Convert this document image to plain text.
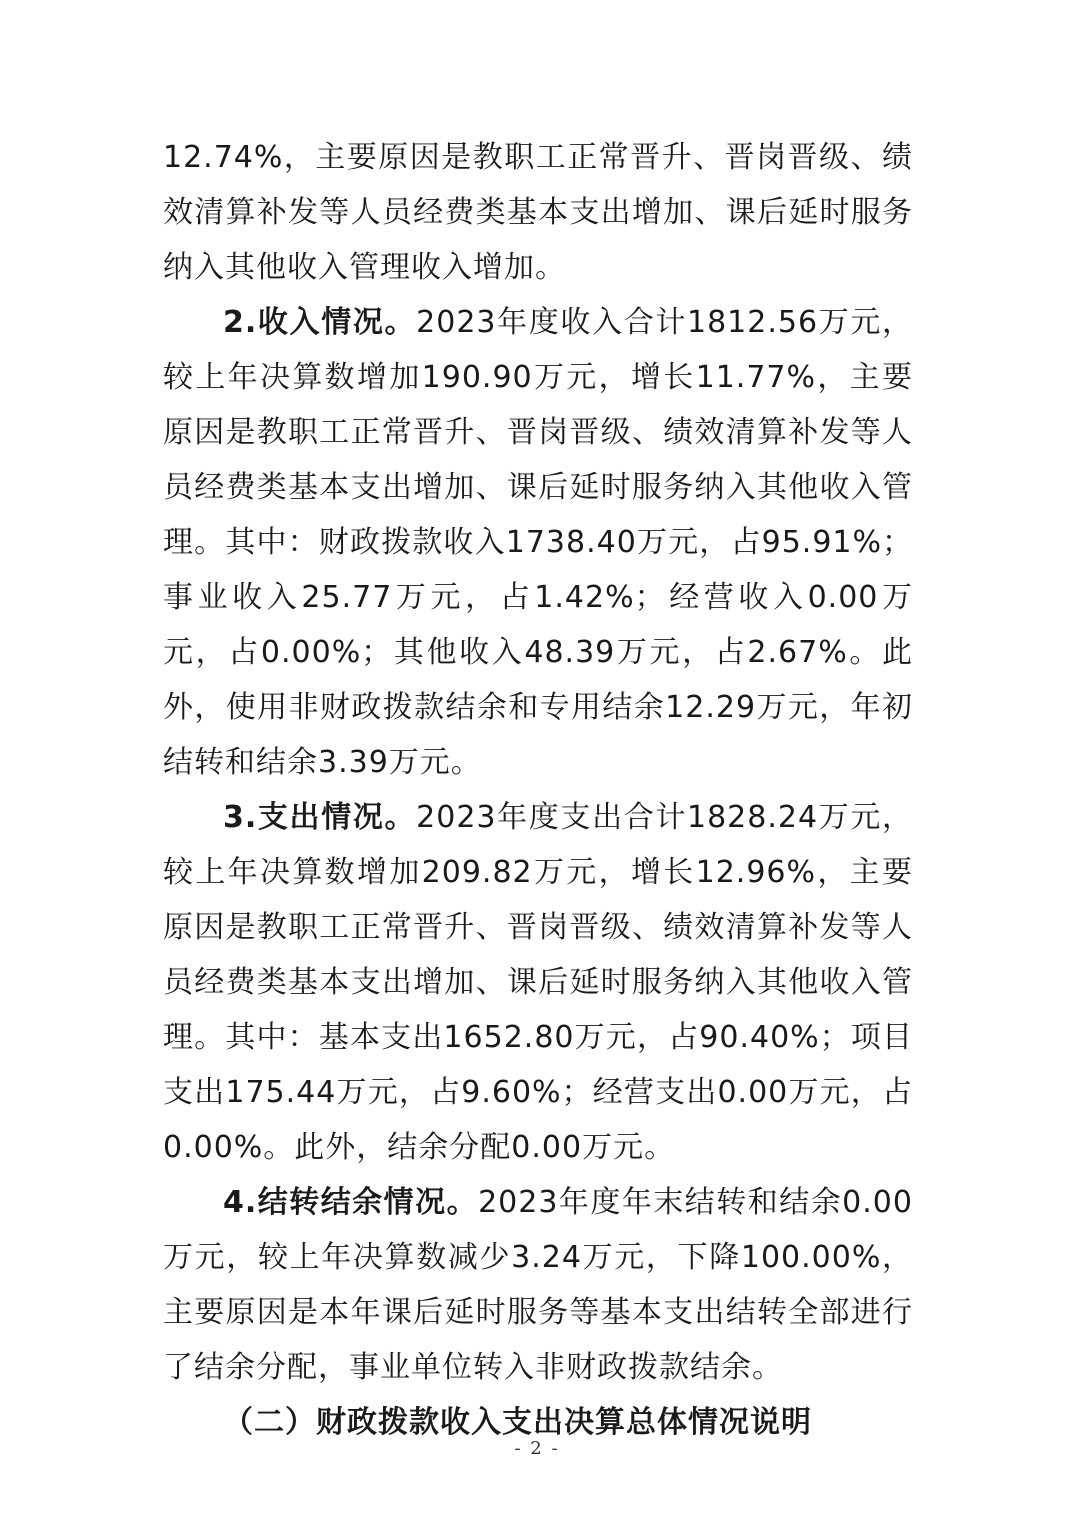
12.74%，主要原因是教职工正常晋升、晋岗晋级、绩效清算补发等人员经费类基本支出增加、课后延时服务纳入其他收入管理收入增加。

2.收入情况。2023年度收入合计1812.56万元，较上年决算数增加190.90万元，增长11.77%，主要原因是教职工正常晋升、晋岗晋级、绩效清算补发等人员经费类基本支出增加、课后延时服务纳入其他收入管理。其中：财政拨款收入1738.40万元，占95.91%；事业收入25.77万元，占1.42%；经营收入0.00万元，占0.00%；其他收入48.39万元，占2.67%。此外，使用非财政拨款结余和专用结余12.29万元，年初结转和结余3.39万元。

3.支出情况。2023年度支出合计1828.24万元，较上年决算数增加209.82万元，增长12.96%，主要原因是教职工正常晋升、晋岗晋级、绩效清算补发等人员经费类基本支出增加、课后延时服务纳入其他收入管理。其中：基本支出1652.80万元，占90.40%；项目支出175.44万元，占9.60%；经营支出0.00万元，占0.00%。此外，结余分配0.00万元。

4.结转结余情况。2023年度年末结转和结余0.00万元，较上年决算数减少3.24万元，下降100.00%，主要原因是本年课后延时服务等基本支出结转全部进行了结余分配，事业单位转入非财政拨款结余。

（二）财政拨款收入支出决算总体情况说明

- 2 -
